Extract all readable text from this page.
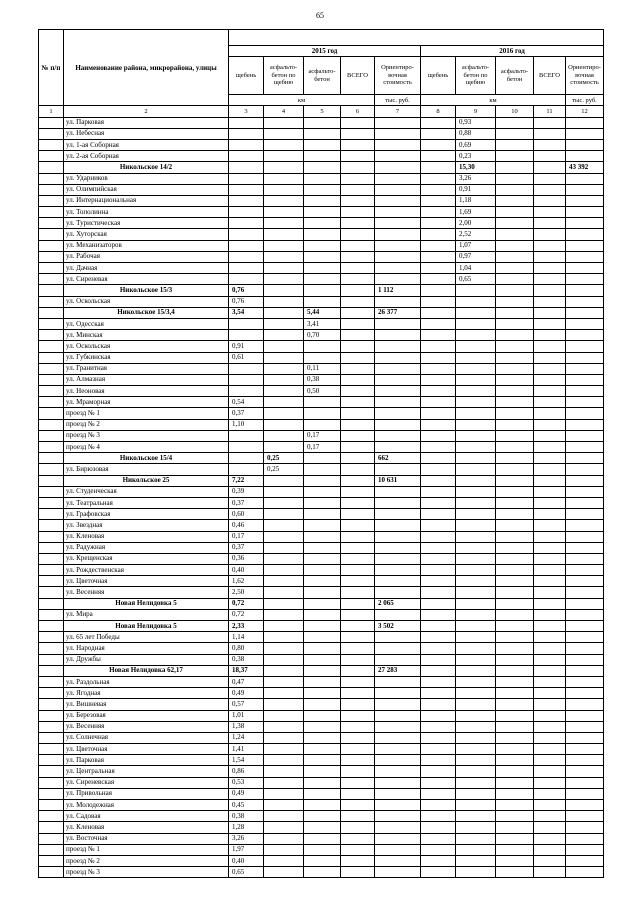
65
№ п/п	Наименование района, микрорайона, улицы										
		2015 год					2016 год				
		щебень	асфальто-бетон по щебню	асфальто-бетон	ВСЕГО	Ориентиро-вочная стоимость	щебень	асфальто-бетон по щебню	асфальто-бетон	ВСЕГО	Ориентиро-вочная стоимость
		км				тыс. руб.	км				тыс. руб.
1	2	3	4	5	6	7	8	9	10	11	12
	ул. Парковая							0,93			
	ул. Небесная							0,88			
	ул. 1-ая Соборная							0,69			
	ул. 2-ая Соборная							0,23			
	Никольское 14/2							15,30			43 392
	ул. Ударников							3,26			
	ул. Олимпийская							0,91			
	ул. Интернациональная							1,18			
	ул. Тополинна							1,69			
	ул. Туристическая							2,00			
	ул. Хуторская							2,52			
	ул. Механизаторов							1,07			
	ул. Рабочая							0,97			
	ул. Дачная							1,04			
	ул. Сиреневая							0,65			
	Никольское 15/3	0,76				1 112					
	ул. Оскольская	0,76									
	Никольское 15/3,4	3,54		5,44		26 377					
	ул. Одесская			3,41							
	ул. Минская			0,70							
	ул. Оскольская	0,91									
	ул. Губкинская	0,61									
	ул. Гранитная			0,11							
	ул. Алмазная			0,38							
	ул. Неоновая			0,50							
	ул. Мраморная	0,54									
	проезд № 1	0,37									
	проезд № 2	1,10									
	проезд № 3			0,17							
	проезд № 4			0,17							
	Никольское 15/4		0,25			662					
	ул. Бирюзовая		0,25								
	Никольское 25	7,22				10 631					
	ул. Студенческая	0,39									
	ул. Театральная	0,37									
	ул. Графовская	0,60									
	ул. Звездная	0,46									
	ул. Кленовая	0,17									
	ул. Радужная	0,37									
	ул. Крещенская	0,36									
	ул. Рождественская	0,40									
	ул. Цветочная	1,62									
	ул. Весенняя	2,50									
	Новая Нелидовка 5	0,72				2 065					
	ул. Мира	0,72									
	Новая Нелидовка 5	2,33				3 502					
	ул. 65 лет Победы	1,14									
	ул. Народная	0,80									
	ул. Дружбы	0,38									
	Новая Нелидовка 62,17	18,37				27 283					
	ул. Раздольная	0,47									
	ул. Ягодная	0,49									
	ул. Вишневая	0,57									
	ул. Березовая	1,01									
	ул. Весенняя	1,38									
	ул. Солнечная	1,24									
	ул. Цветочная	1,41									
	ул. Парковая	1,54									
	ул. Центральная	0,86									
	ул. Сиреневская	0,53									
	ул. Привольная	0,49									
	ул. Молодежная	0,45									
	ул. Садовая	0,38									
	ул. Кленовая	1,28									
	ул. Восточная	3,26									
	проезд № 1	1,97									
	проезд № 2	0,40									
	проезд № 3	0,65									
